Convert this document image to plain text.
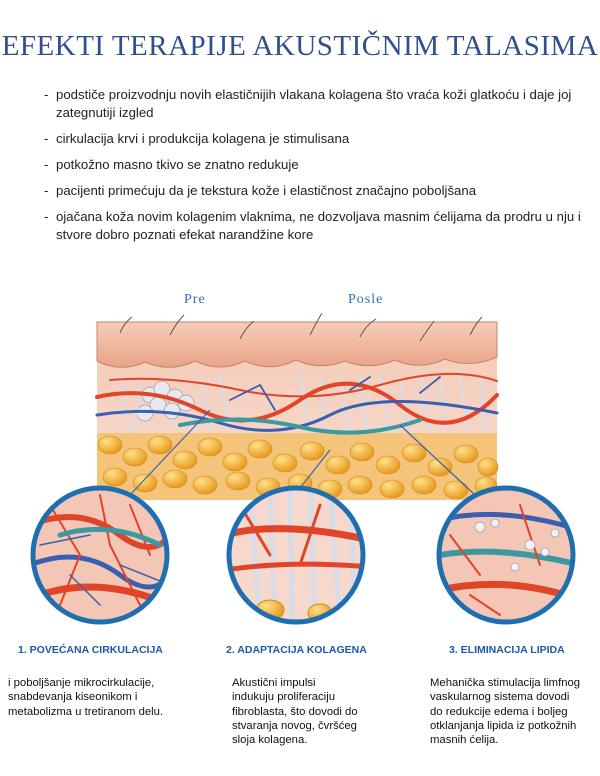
EFEKTI TERAPIJE AKUSTIČNIM TALASIMA
- podstiče proizvodnju novih elastičnijih vlakana kolagena što vraća koži glatkoću i daje joj zategnutiji izgled
- cirkulacija krvi i produkcija kolagena je stimulisana
- potkožno masno tkivo se znatno redukuje
- pacijenti primećuju da je tekstura kože i elastičnost značajno poboljšana
- ojačana koža novim kolagenim vlaknima, ne dozvoljava masnim ćelijama da prodru u nju i stvore dobro poznati efekat narandžine kore
Pre	Posle
1. POVEĆANA CIRKULACIJA	2. ADAPTACIJA KOLAGENA	3. ELIMINACIJA LIPIDA
i poboljšanje mikrocirkulacije, snabdevanja kiseonikom i metabolizma u tretiranom delu.
Akustični impulsi indukuju proliferaciju fibroblasta, što dovodi do stvaranja novog, čvršćeg sloja kolagena.
Mehanička stimulacija limfnog vaskularnog sistema dovodi do redukcije edema i boljeg otklanjanja lipida iz potkožnih masnih ćelija.
